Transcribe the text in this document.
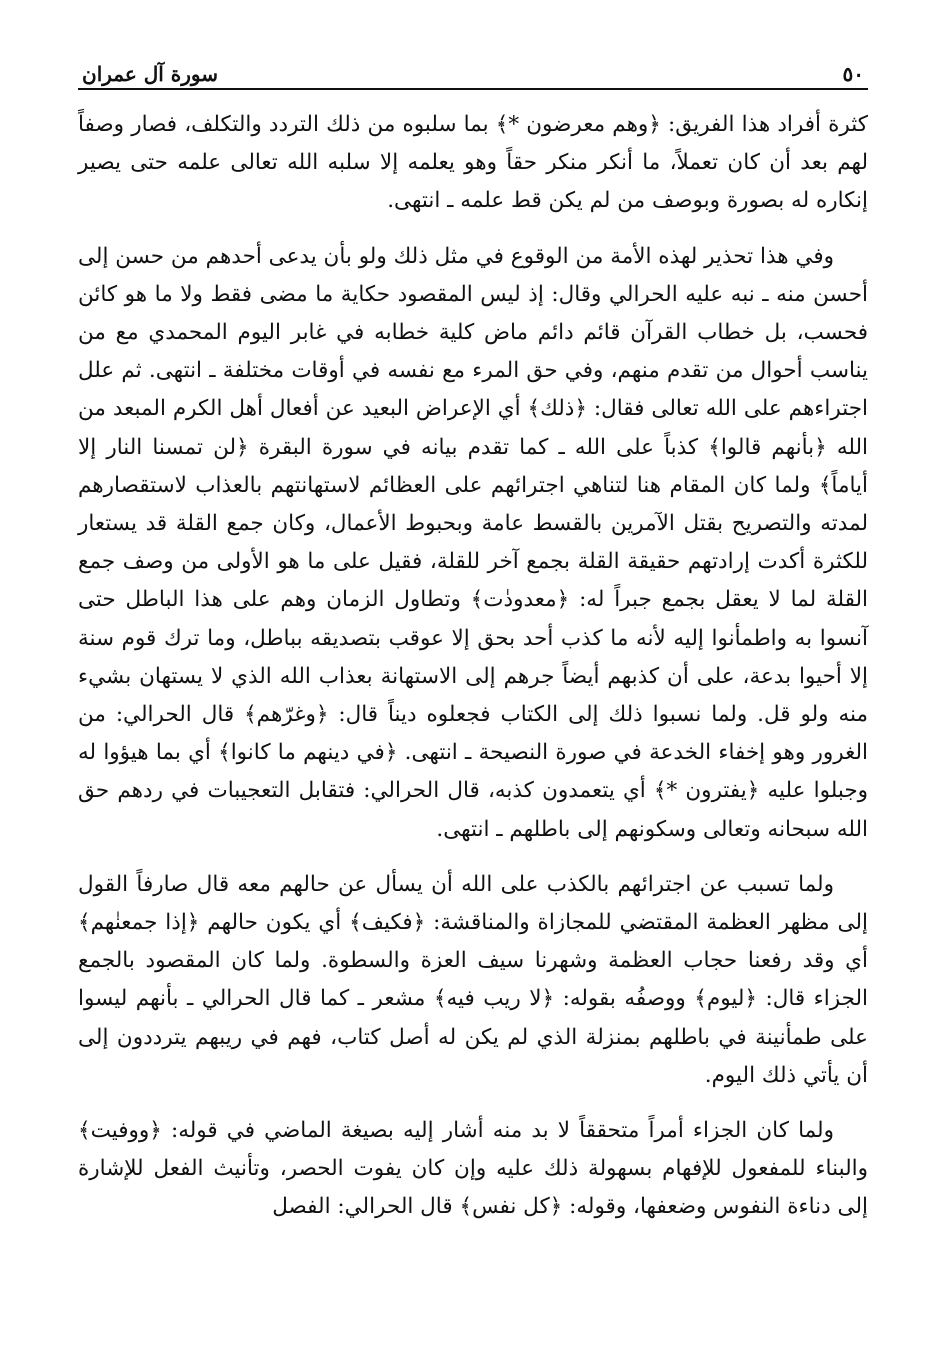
٥٠
سورة آل عمران

كثرة أفراد هذا الفريق: ﴿وهم معرضون *﴾ بما سلبوه من ذلك التردد والتكلف، فصار وصفاً لهم بعد أن كان تعملاً، ما أنكر منكر حقاً وهو يعلمه إلا سلبه الله تعالى علمه حتى يصير إنكاره له بصورة وبوصف من لم يكن قط علمه ـ انتهى.

وفي هذا تحذير لهذه الأمة من الوقوع في مثل ذلك ولو بأن يدعى أحدهم من حسن إلى أحسن منه ـ نبه عليه الحرالي وقال: إذ ليس المقصود حكاية ما مضى فقط ولا ما هو كائن فحسب، بل خطاب القرآن قائم دائم ماض كلية خطابه في غابر اليوم المحمدي مع من يناسب أحوال من تقدم منهم، وفي حق المرء مع نفسه في أوقات مختلفة ـ انتهى. ثم علل اجتراءهم على الله تعالى فقال: ﴿ذلك﴾ أي الإعراض البعيد عن أفعال أهل الكرم المبعد من الله ﴿بأنهم قالوا﴾ كذباً على الله ـ كما تقدم بيانه في سورة البقرة ﴿لن تمسنا النار إلا أياماً﴾ ولما كان المقام هنا لتناهي اجترائهم على العظائم لاستهانتهم بالعذاب لاستقصارهم لمدته والتصريح بقتل الآمرين بالقسط عامة وبحبوط الأعمال، وكان جمع القلة قد يستعار للكثرة أكدت إرادتهم حقيقة القلة بجمع آخر للقلة، فقيل على ما هو الأولى من وصف جمع القلة لما لا يعقل بجمع جبراً له: ﴿معدودٰت﴾ وتطاول الزمان وهم على هذا الباطل حتى آنسوا به واطمأنوا إليه لأنه ما كذب أحد بحق إلا عوقب بتصديقه بباطل، وما ترك قوم سنة إلا أحيوا بدعة، على أن كذبهم أيضاً جرهم إلى الاستهانة بعذاب الله الذي لا يستهان بشيء منه ولو قل. ولما نسبوا ذلك إلى الكتاب فجعلوه ديناً قال: ﴿وغرّهم﴾ قال الحرالي: من الغرور وهو إخفاء الخدعة في صورة النصيحة ـ انتهى. ﴿في دينهم ما كانوا﴾ أي بما هيؤوا له وجبلوا عليه ﴿يفترون *﴾ أي يتعمدون كذبه، قال الحرالي: فتقابل التعجيبات في ردهم حق الله سبحانه وتعالى وسكونهم إلى باطلهم ـ انتهى.

ولما تسبب عن اجترائهم بالكذب على الله أن يسأل عن حالهم معه قال صارفاً القول إلى مظهر العظمة المقتضي للمجازاة والمناقشة: ﴿فكيف﴾ أي يكون حالهم ﴿إذا جمعنٰهم﴾ أي وقد رفعنا حجاب العظمة وشهرنا سيف العزة والسطوة. ولما كان المقصود بالجمع الجزاء قال: ﴿ليوم﴾ ووصفُه بقوله: ﴿لا ريب فيه﴾ مشعر ـ كما قال الحرالي ـ بأنهم ليسوا على طمأنينة في باطلهم بمنزلة الذي لم يكن له أصل كتاب، فهم في ريبهم يترددون إلى أن يأتي ذلك اليوم.

ولما كان الجزاء أمراً متحققاً لا بد منه أشار إليه بصيغة الماضي في قوله: ﴿ووفيت﴾ والبناء للمفعول للإفهام بسهولة ذلك عليه وإن كان يفوت الحصر، وتأنيث الفعل للإشارة إلى دناءة النفوس وضعفها، وقوله: ﴿كل نفس﴾ قال الحرالي: الفصل
